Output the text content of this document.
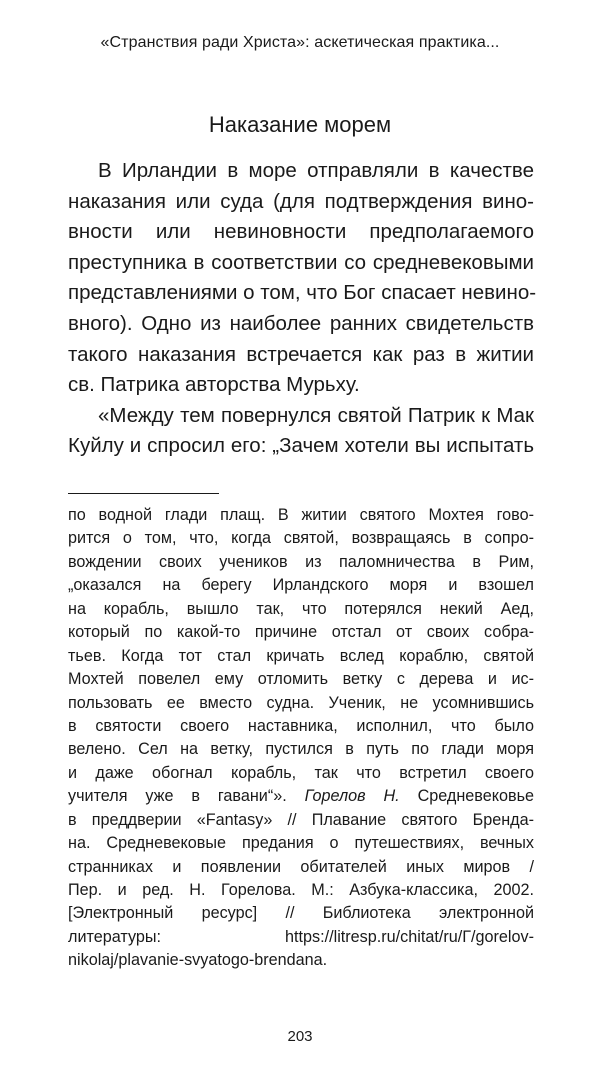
«Странствия ради Христа»: аскетическая практика...
Наказание морем
В Ирландии в море отправляли в качестве
наказания или суда (для подтверждения вино-
вности или невиновности предполагаемого
преступника в соответствии со средневековыми
представлениями о том, что Бог спасает невино-
вного). Одно из наиболее ранних свидетельств
такого наказания встречается как раз в житии
св. Патрика авторства Мурьху.
«Между тем повернулся святой Патрик к Мак
Куйлу и спросил его: „Зачем хотели вы испытать
по водной глади плащ. В житии святого Мохтея гово-
рится о том, что, когда святой, возвращаясь в сопро-
вождении своих учеников из паломничества в Рим,
„оказался на берегу Ирландского моря и взошел
на корабль, вышло так, что потерялся некий Аед,
который по какой-то причине отстал от своих собра-
тьев. Когда тот стал кричать вслед кораблю, святой
Мохтей повелел ему отломить ветку с дерева и ис-
пользовать ее вместо судна. Ученик, не усомнившись
в святости своего наставника, исполнил, что было
велено. Сел на ветку, пустился в путь по глади моря
и даже обогнал корабль, так что встретил своего
учителя уже в гавани“». Горелов Н. Средневековье
в преддверии «Fantasy» // Плавание святого Бренда-
на. Средневековые предания о путешествиях, вечных
странниках и появлении обитателей иных миров /
Пер. и ред. Н. Горелова. М.: Азбука-классика, 2002.
[Электронный ресурс] // Библиотека электронной
литературы: https://litresp.ru/chitat/ru/Г/gorelov-
nikolaj/plavanie-svyatogo-brendana.
203
